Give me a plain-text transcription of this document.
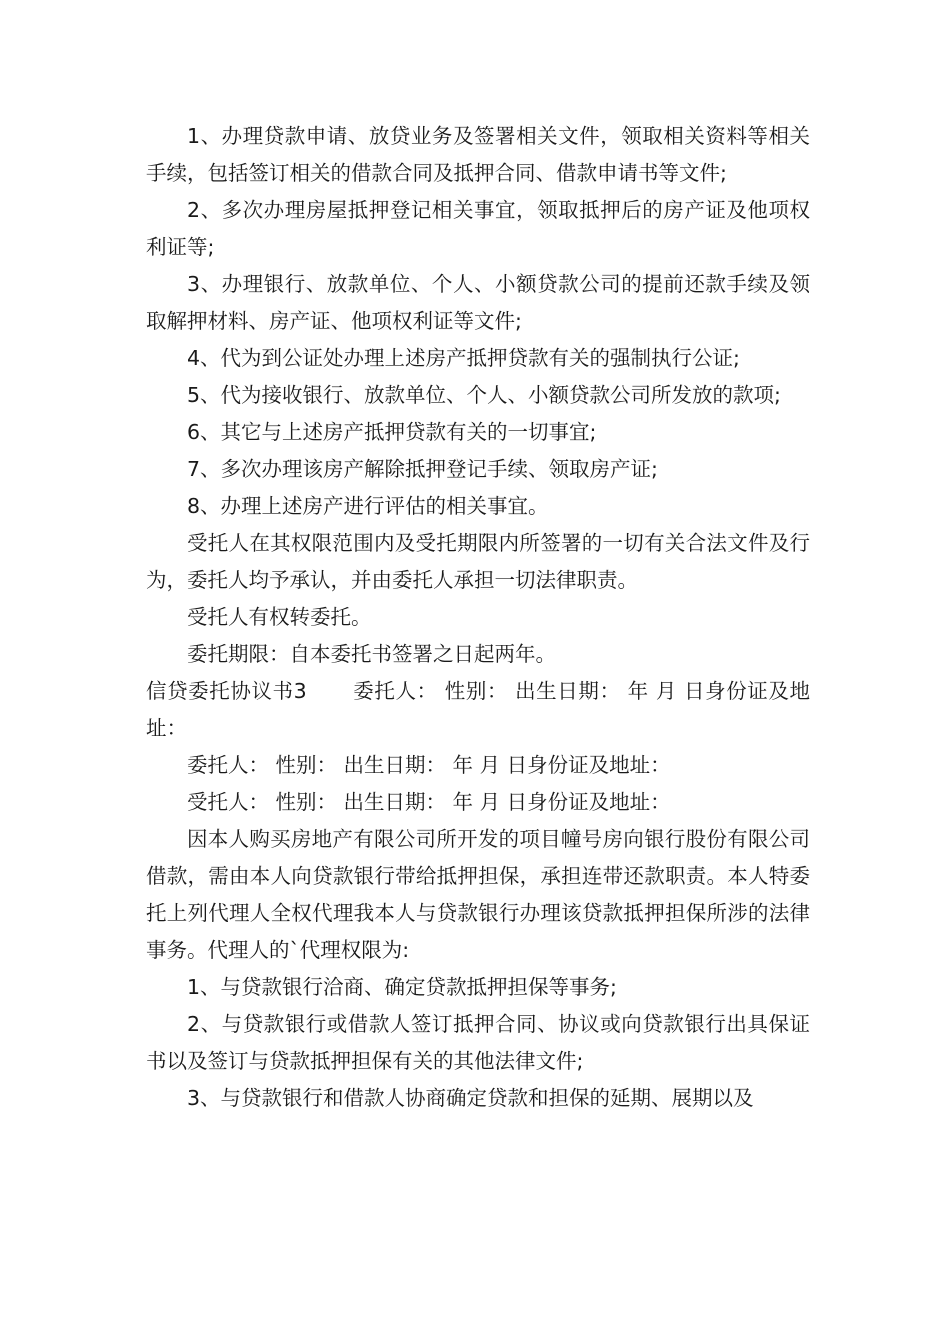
1、办理贷款申请、放贷业务及签署相关文件，领取相关资料等相关手续，包括签订相关的借款合同及抵押合同、借款申请书等文件;

2、多次办理房屋抵押登记相关事宜，领取抵押后的房产证及他项权利证等;

3、办理银行、放款单位、个人、小额贷款公司的提前还款手续及领取解押材料、房产证、他项权利证等文件;

4、代为到公证处办理上述房产抵押贷款有关的强制执行公证;

5、代为接收银行、放款单位、个人、小额贷款公司所发放的款项;

6、其它与上述房产抵押贷款有关的一切事宜;

7、多次办理该房产解除抵押登记手续、领取房产证;

8、办理上述房产进行评估的相关事宜。

受托人在其权限范围内及受托期限内所签署的一切有关合法文件及行为，委托人均予承认，并由委托人承担一切法律职责。

受托人有权转委托。

委托期限：自本委托书签署之日起两年。

信贷委托协议书3 委托人： 性别： 出生日期： 年 月 日身份证及地址：

委托人： 性别： 出生日期： 年 月 日身份证及地址：

受托人： 性别： 出生日期： 年 月 日身份证及地址：

因本人购买房地产有限公司所开发的项目幢号房向银行股份有限公司借款，需由本人向贷款银行带给抵押担保，承担连带还款职责。本人特委托上列代理人全权代理我本人与贷款银行办理该贷款抵押担保所涉的法律事务。代理人的`代理权限为:

1、与贷款银行洽商、确定贷款抵押担保等事务;

2、与贷款银行或借款人签订抵押合同、协议或向贷款银行出具保证书以及签订与贷款抵押担保有关的其他法律文件;

3、与贷款银行和借款人协商确定贷款和担保的延期、展期以及
